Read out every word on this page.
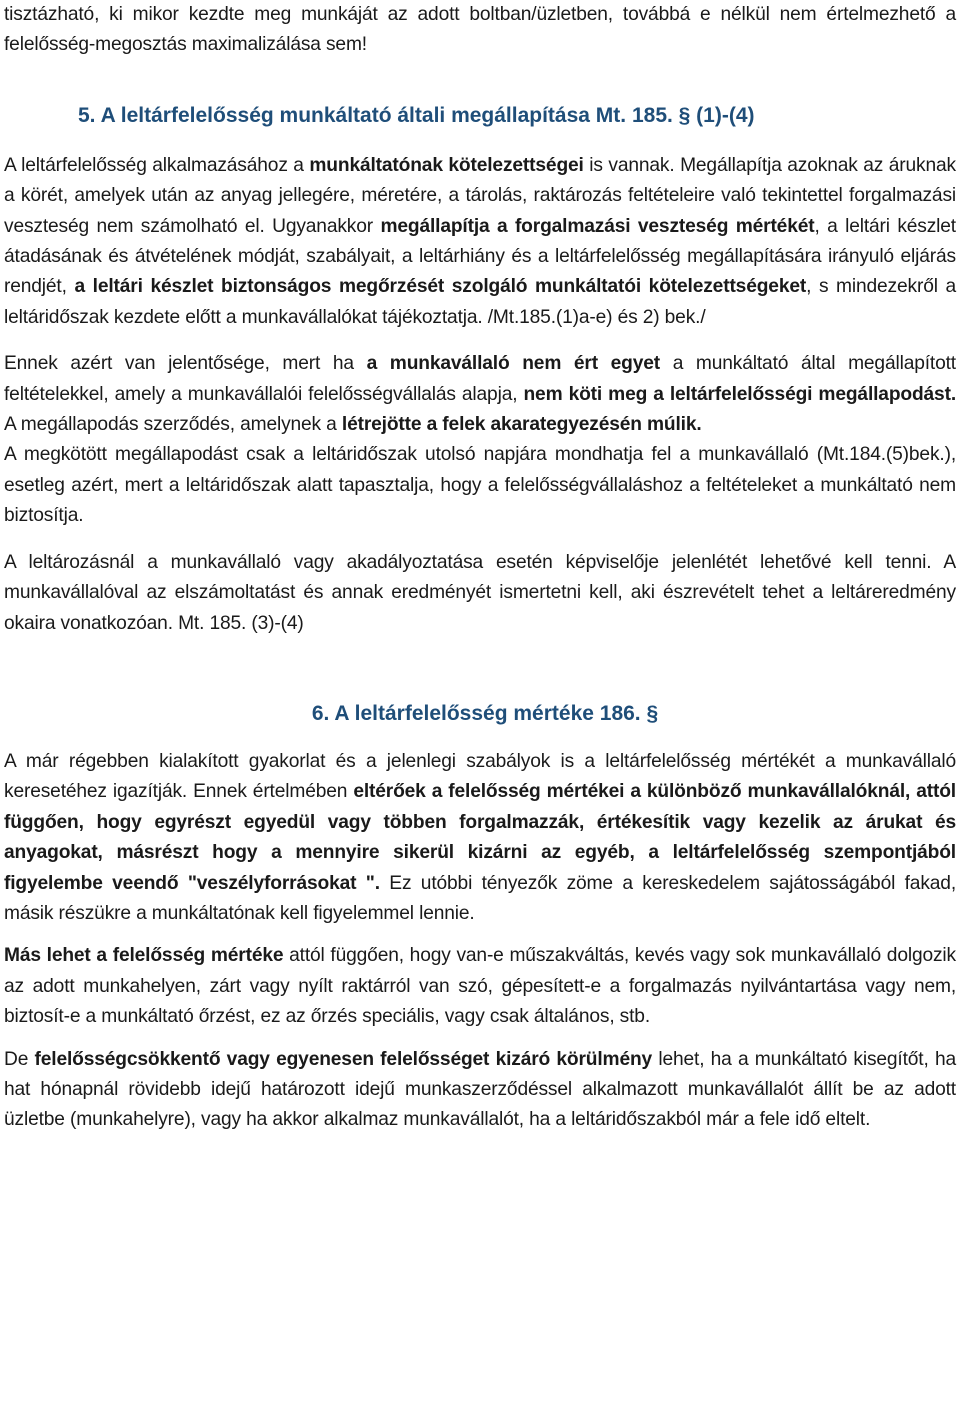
tisztázható, ki mikor kezdte meg munkáját az adott boltban/üzletben, továbbá e nélkül nem értelmezhető a felelősség-megosztás maximalizálása sem!

5. A leltárfelelősség munkáltató általi megállapítása Mt. 185. § (1)-(4)

A leltárfelelősség alkalmazásához a munkáltatónak kötelezettségei is vannak. Megállapítja azoknak az áruknak a körét, amelyek után az anyag jellegére, méretére, a tárolás, raktározás feltételeire való tekintettel forgalmazási veszteség nem számolható el. Ugyanakkor megállapítja a forgalmazási veszteség mértékét, a leltári készlet átadásának és átvételének módját, szabályait, a leltárhiány és a leltárfelelősség megállapítására irányuló eljárás rendjét, a leltári készlet biztonságos megőrzését szolgáló munkáltatói kötelezettségeket, s mindezekről a leltáridőszak kezdete előtt a munkavállalókat tájékoztatja. /Mt.185.(1)a-e) és 2) bek./

Ennek azért van jelentősége, mert ha a munkavállaló nem ért egyet a munkáltató által megállapított feltételekkel, amely a munkavállalói felelősségvállalás alapja, nem köti meg a leltárfelelősségi megállapodást. A megállapodás szerződés, amelynek a létrejötte a felek akarategyezésén múlik.

A megkötött megállapodást csak a leltáridőszak utolsó napjára mondhatja fel a munkavállaló (Mt.184.(5)bek.), esetleg azért, mert a leltáridőszak alatt tapasztalja, hogy a felelősségvállaláshoz a feltételeket a munkáltató nem biztosítja.

A leltározásnál a munkavállaló vagy akadályoztatása esetén képviselője jelenlétét lehetővé kell tenni. A munkavállalóval az elszámoltatást és annak eredményét ismertetni kell, aki észrevételt tehet a leltáreredmény okaira vonatkozóan. Mt. 185. (3)-(4)

6. A leltárfelelősség mértéke 186. §

A már régebben kialakított gyakorlat és a jelenlegi szabályok is a leltárfelelősség mértékét a munkavállaló keresetéhez igazítják. Ennek értelmében eltérőek a felelősség mértékei a különböző munkavállalóknál, attól függően, hogy egyrészt egyedül vagy többen forgalmazzák, értékesítik vagy kezelik az árukat és anyagokat, másrészt hogy a mennyire sikerül kizárni az egyéb, a leltárfelelősség szempontjából figyelembe veendő "veszélyforrásokat ". Ez utóbbi tényezők zöme a kereskedelem sajátosságából fakad, másik részükre a munkáltatónak kell figyelemmel lennie.

Más lehet a felelősség mértéke attól függően, hogy van-e műszakváltás, kevés vagy sok munkavállaló dolgozik az adott munkahelyen, zárt vagy nyílt raktárról van szó, gépesített-e a forgalmazás nyilvántartása vagy nem, biztosít-e a munkáltató őrzést, ez az őrzés speciális, vagy csak általános, stb.

De felelősségcsökkentő vagy egyenesen felelősséget kizáró körülmény lehet, ha a munkáltató kisegítőt, ha hat hónapnál rövidebb idejű határozott idejű munkaszerződéssel alkalmazott munkavállalót állít be az adott üzletbe (munkahelyre), vagy ha akkor alkalmaz munkavállalót, ha a leltáridőszakból már a fele idő eltelt.
